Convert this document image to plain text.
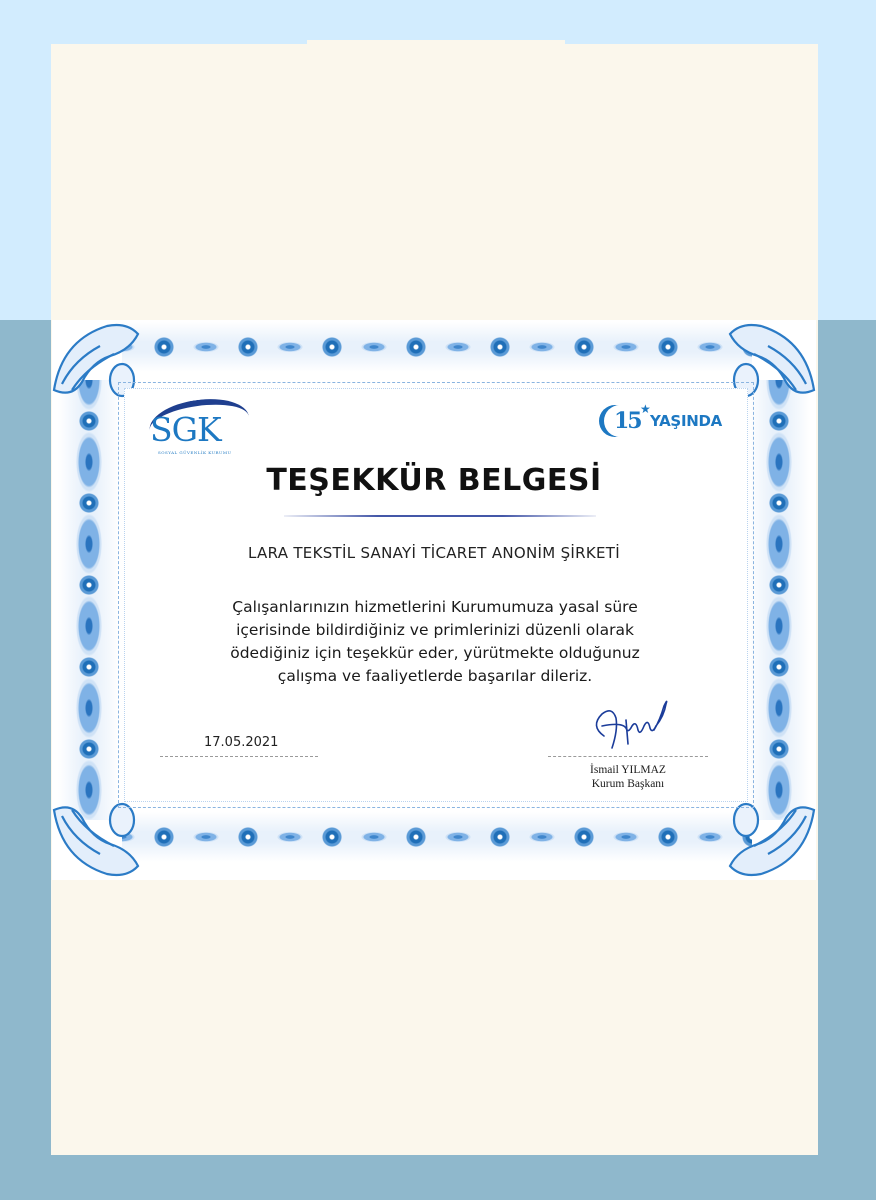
SGK
SOSYAL GÜVENLİK KURUMU
15 ★
YAŞINDA
TEŞEKKÜR BELGESİ
LARA TEKSTİL SANAYİ TİCARET ANONİM ŞİRKETİ
Çalışanlarınızın hizmetlerini Kurumumuza yasal süre
içerisinde bildirdiğiniz ve primlerinizi düzenli olarak
ödediğiniz için teşekkür eder, yürütmekte olduğunuz
çalışma ve faaliyetlerde başarılar dileriz.
17.05.2021
İsmail YILMAZ
Kurum Başkanı
